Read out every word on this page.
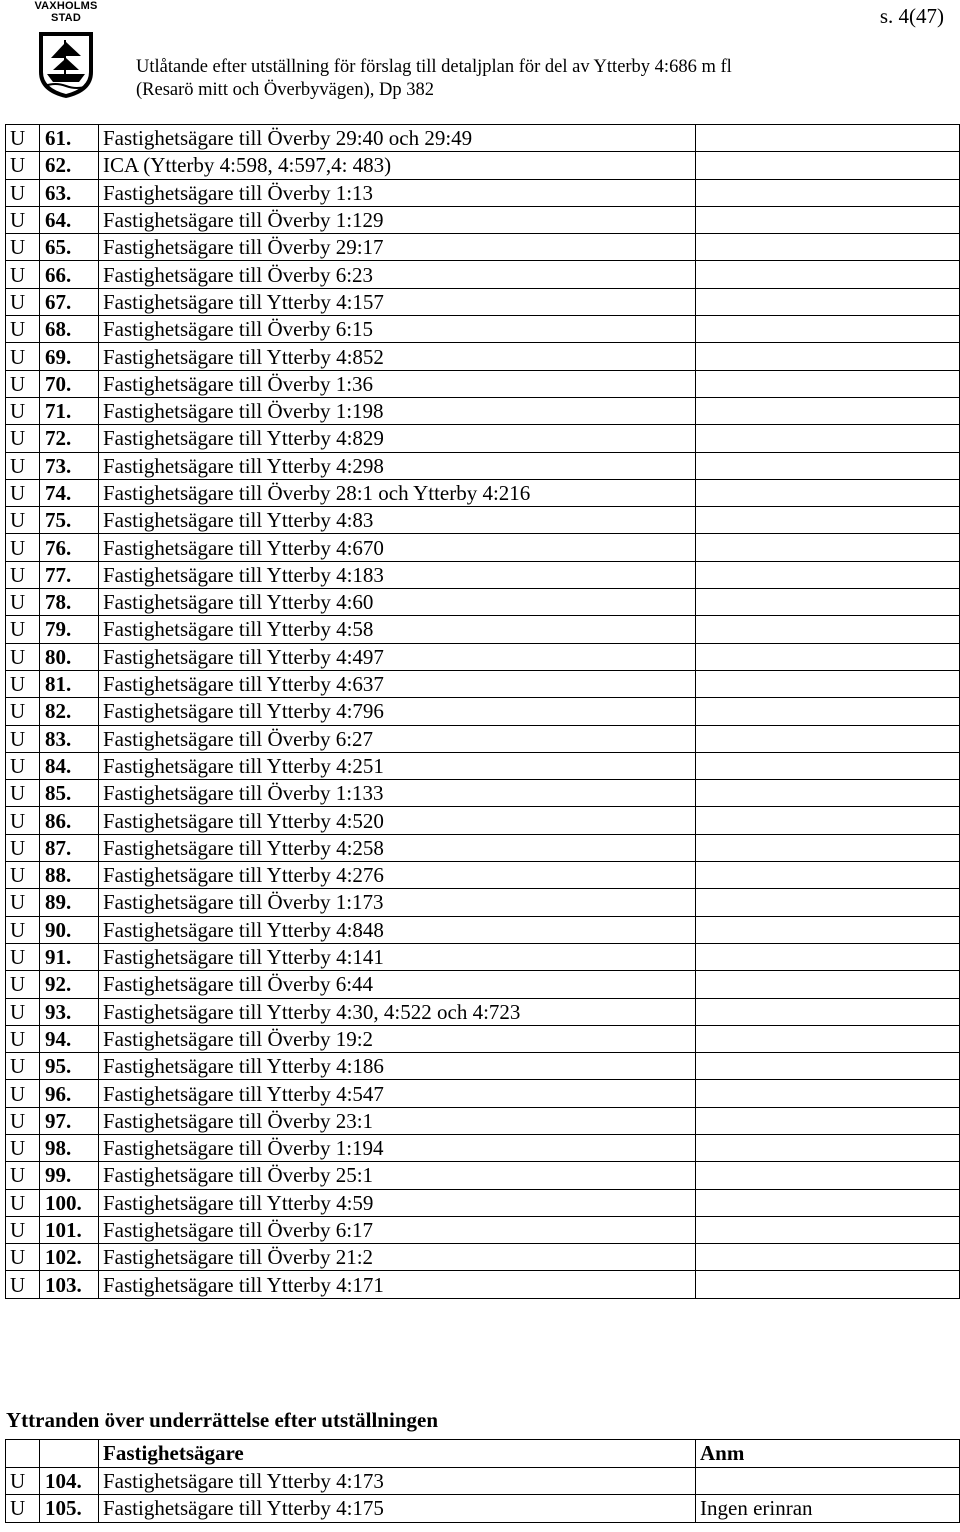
VAXHOLMS
STAD	s. 4(47)
Utlåtande efter utställning för förslag till detaljplan för del av Ytterby 4:686 m fl
(Resarö mitt och Överbyvägen), Dp 382
U	61.	Fastighetsägare till Överby 29:40 och 29:49	
U	62.	ICA (Ytterby 4:598, 4:597,4: 483)	
U	63.	Fastighetsägare till Överby 1:13	
U	64.	Fastighetsägare till Överby 1:129	
U	65.	Fastighetsägare till Överby 29:17	
U	66.	Fastighetsägare till Överby 6:23	
U	67.	Fastighetsägare till Ytterby 4:157	
U	68.	Fastighetsägare till Överby 6:15	
U	69.	Fastighetsägare till Ytterby 4:852	
U	70.	Fastighetsägare till Överby 1:36	
U	71.	Fastighetsägare till Överby 1:198	
U	72.	Fastighetsägare till Ytterby 4:829	
U	73.	Fastighetsägare till Ytterby 4:298	
U	74.	Fastighetsägare till Överby 28:1 och Ytterby 4:216	
U	75.	Fastighetsägare till Ytterby 4:83	
U	76.	Fastighetsägare till Ytterby 4:670	
U	77.	Fastighetsägare till Ytterby 4:183	
U	78.	Fastighetsägare till Ytterby 4:60	
U	79.	Fastighetsägare till Ytterby 4:58	
U	80.	Fastighetsägare till Ytterby 4:497	
U	81.	Fastighetsägare till Ytterby 4:637	
U	82.	Fastighetsägare till Ytterby 4:796	
U	83.	Fastighetsägare till Överby 6:27	
U	84.	Fastighetsägare till Ytterby 4:251	
U	85.	Fastighetsägare till Överby 1:133	
U	86.	Fastighetsägare till Ytterby 4:520	
U	87.	Fastighetsägare till Ytterby 4:258	
U	88.	Fastighetsägare till Ytterby 4:276	
U	89.	Fastighetsägare till Överby 1:173	
U	90.	Fastighetsägare till Ytterby 4:848	
U	91.	Fastighetsägare till Ytterby 4:141	
U	92.	Fastighetsägare till Överby 6:44	
U	93.	Fastighetsägare till Ytterby 4:30, 4:522 och 4:723	
U	94.	Fastighetsägare till Överby 19:2	
U	95.	Fastighetsägare till Ytterby 4:186	
U	96.	Fastighetsägare till Ytterby 4:547	
U	97.	Fastighetsägare till Överby 23:1	
U	98.	Fastighetsägare till Överby 1:194	
U	99.	Fastighetsägare till Överby 25:1	
U	100.	Fastighetsägare till Ytterby 4:59	
U	101.	Fastighetsägare till Överby 6:17	
U	102.	Fastighetsägare till Överby 21:2	
U	103.	Fastighetsägare till Ytterby 4:171	
Yttranden över underrättelse efter utställningen
		Fastighetsägare	Anm
U	104.	Fastighetsägare till Ytterby 4:173	
U	105.	Fastighetsägare till Ytterby 4:175	Ingen erinran
